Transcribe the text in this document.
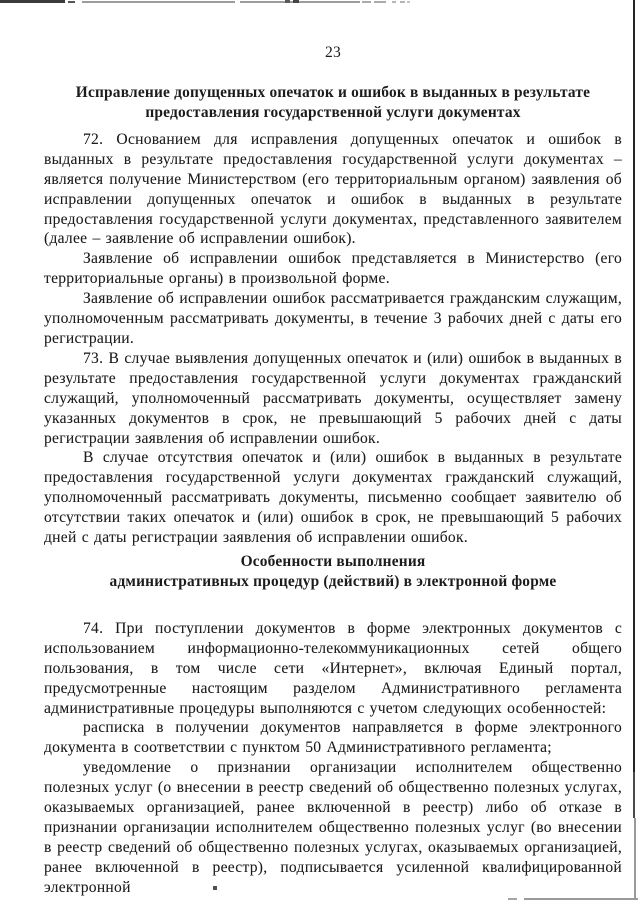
23
Исправление допущенных опечаток и ошибок в выданных в результате
предоставления государственной услуги документах

72. Основанием для исправления допущенных опечаток и ошибок в выданных в результате предоставления государственной услуги документах – является получение Министерством (его территориальным органом) заявления об исправлении допущенных опечаток и ошибок в выданных в результате предоставления государственной услуги документах, представленного заявителем (далее – заявление об исправлении ошибок).

Заявление об исправлении ошибок представляется в Министерство (его территориальные органы) в произвольной форме.

Заявление об исправлении ошибок рассматривается гражданским служащим, уполномоченным рассматривать документы, в течение 3 рабочих дней с даты его регистрации.

73. В случае выявления допущенных опечаток и (или) ошибок в выданных в результате предоставления государственной услуги документах гражданский служащий, уполномоченный рассматривать документы, осуществляет замену указанных документов в срок, не превышающий 5 рабочих дней с даты регистрации заявления об исправлении ошибок.

В случае отсутствия опечаток и (или) ошибок в выданных в результате предоставления государственной услуги документах гражданский служащий, уполномоченный рассматривать документы, письменно сообщает заявителю об отсутствии таких опечаток и (или) ошибок в срок, не превышающий 5 рабочих дней с даты регистрации заявления об исправлении ошибок.

Особенности выполнения
административных процедур (действий) в электронной форме

74. При поступлении документов в форме электронных документов с использованием информационно-телекоммуникационных сетей общего пользования, в том числе сети «Интернет», включая Единый портал, предусмотренные настоящим разделом Административного регламента административные процедуры выполняются с учетом следующих особенностей:

расписка в получении документов направляется в форме электронного документа в соответствии с пунктом 50 Административного регламента;

уведомление о признании организации исполнителем общественно полезных услуг (о внесении в реестр сведений об общественно полезных услугах, оказываемых организацией, ранее включенной в реестр) либо об отказе в признании организации исполнителем общественно полезных услуг (во внесении в реестр сведений об общественно полезных услугах, оказываемых организацией, ранее включенной в реестр), подписывается усиленной квалифицированной электронной
